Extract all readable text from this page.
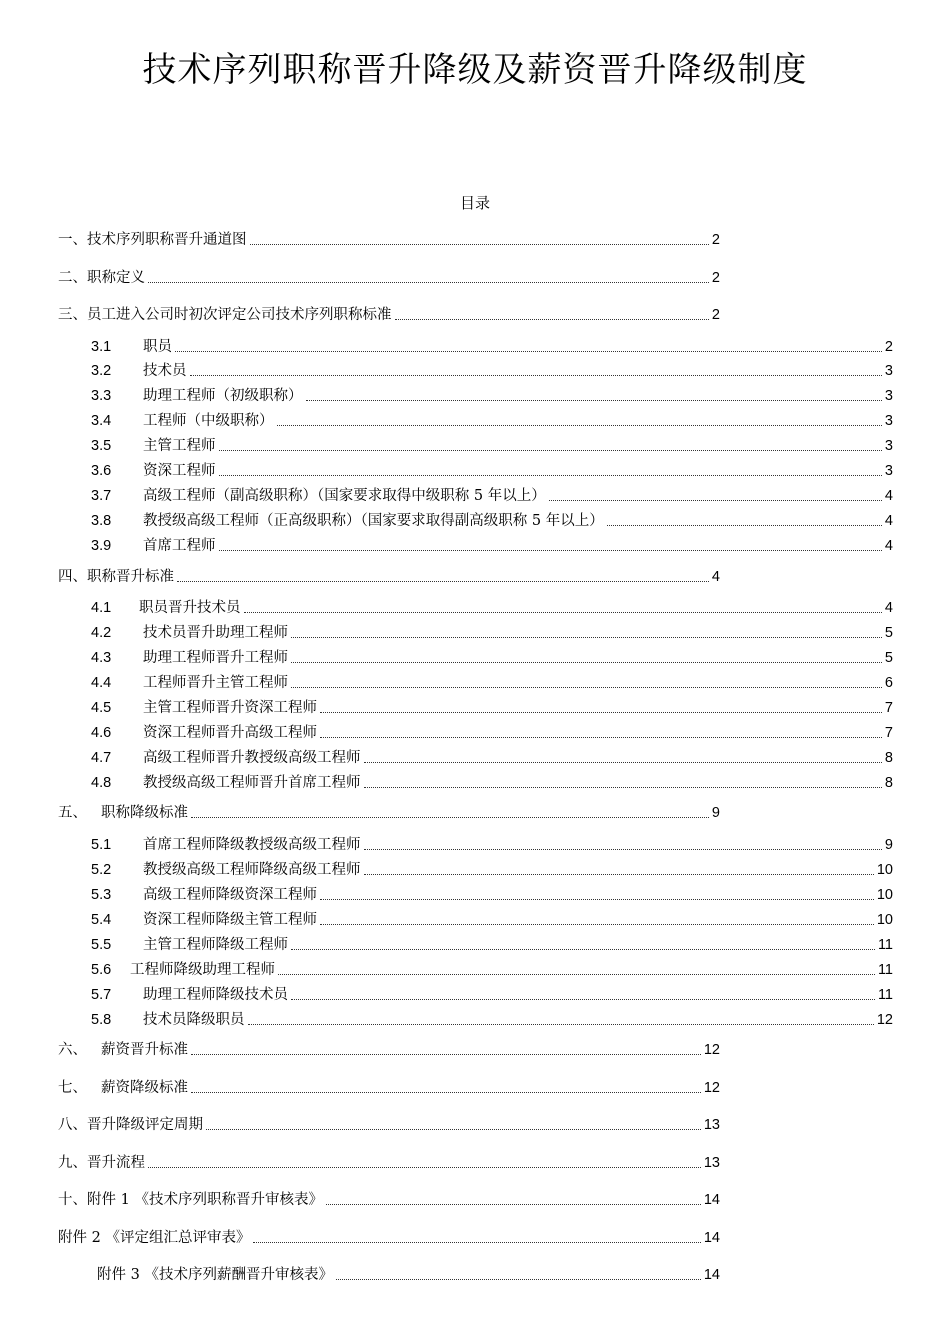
技术序列职称晋升降级及薪资晋升降级制度
目录
一、技术序列职称晋升通道图	2
二、职称定义	2
三、员工进入公司时初次评定公司技术序列职称标准	2
3.1	职员	2
3.2	技术员	3
3.3	助理工程师（初级职称）	3
3.4	工程师（中级职称）	3
3.5	主管工程师	3
3.6	资深工程师	3
3.7	高级工程师（副高级职称）（国家要求取得中级职称 5 年以上）	4
3.8	教授级高级工程师（正高级职称）（国家要求取得副高级职称 5 年以上）	4
3.9	首席工程师	4
四、职称晋升标准	4
4.1	职员晋升技术员	4
4.2	技术员晋升助理工程师	5
4.3	助理工程师晋升工程师	5
4.4	工程师晋升主管工程师	6
4.5	主管工程师晋升资深工程师	7
4.6	资深工程师晋升高级工程师	7
4.7	高级工程师晋升教授级高级工程师	8
4.8	教授级高级工程师晋升首席工程师	8
五、 职称降级标准	9
5.1	首席工程师降级教授级高级工程师	9
5.2	教授级高级工程师降级高级工程师	10
5.3	高级工程师降级资深工程师	10
5.4	资深工程师降级主管工程师	10
5.5	主管工程师降级工程师	11
5.6	工程师降级助理工程师	11
5.7	助理工程师降级技术员	11
5.8	技术员降级职员	12
六、 薪资晋升标准	12
七、 薪资降级标准	12
八、晋升降级评定周期	13
九、晋升流程	13
十、附件 1 《技术序列职称晋升审核表》	14
附件 2 《评定组汇总评审表》	14
附件 3 《技术序列薪酬晋升审核表》	14
